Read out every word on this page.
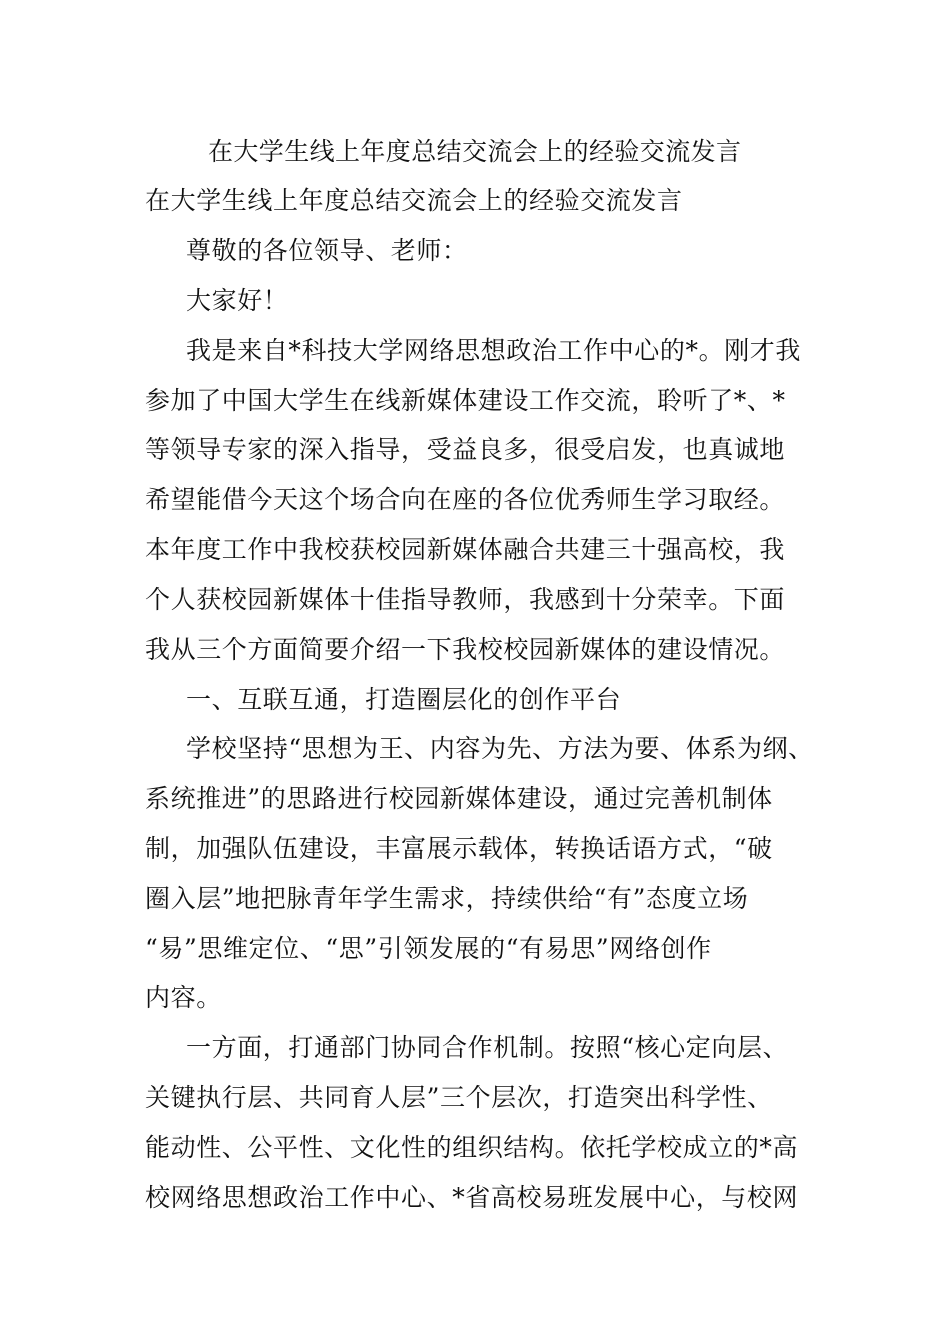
在大学生线上年度总结交流会上的经验交流发言
在大学生线上年度总结交流会上的经验交流发言
尊敬的各位领导、老师：
大家好！
我是来自*科技大学网络思想政治工作中心的*。刚才我
参加了中国大学生在线新媒体建设工作交流，聆听了*、*
等领导专家的深入指导，受益良多，很受启发，也真诚地
希望能借今天这个场合向在座的各位优秀师生学习取经。
本年度工作中我校获校园新媒体融合共建三十强高校，我
个人获校园新媒体十佳指导教师，我感到十分荣幸。下面
我从三个方面简要介绍一下我校校园新媒体的建设情况。
一、互联互通，打造圈层化的创作平台
学校坚持“思想为王、内容为先、方法为要、体系为纲、
系统推进”的思路进行校园新媒体建设，通过完善机制体
制，加强队伍建设，丰富展示载体，转换话语方式，“破
圈入层”地把脉青年学生需求，持续供给“有”态度立场
“易”思维定位、“思”引领发展的“有易思”网络创作
内容。
一方面，打通部门协同合作机制。按照“核心定向层、
关键执行层、共同育人层”三个层次，打造突出科学性、
能动性、公平性、文化性的组织结构。依托学校成立的*高
校网络思想政治工作中心、*省高校易班发展中心，与校网
